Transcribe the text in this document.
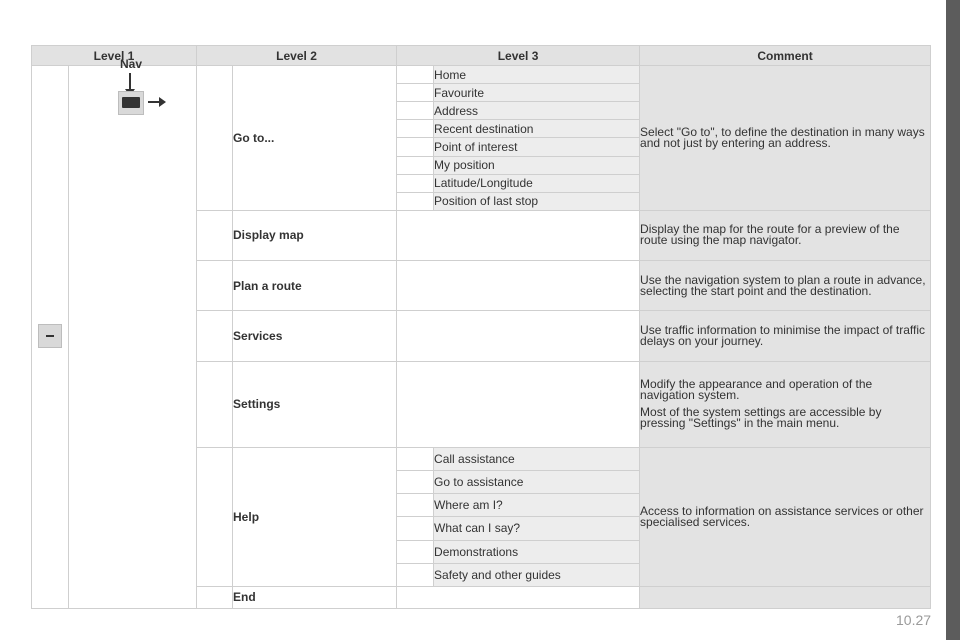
Level 1		Level 2		Level 3		Comment

	Nav		Go to...		Home	Select "Go to", to define the destination in many ways and not just by entering an address.

					Favourite	
					Address	
					Recent destination	
					Point of interest	
					My position	
					Latitude/Longitude	
					Position of last stop	
			Display map			Display the map for the route for a preview of the route using the map navigator.

			Plan a route			Use the navigation system to plan a route in advance, selecting the start point and the destination.

			Services			Use traffic information to minimise the impact of traffic delays on your journey.

			Settings			Modify the appearance and operation of the navigation system.

Most of the system settings are accessible by pressing "Settings" in the main menu.

			Help		Call assistance	Access to information on assistance services or other specialised services.

					Go to assistance	
					Where am I?	
					What can I say?	
					Demonstrations	
					Safety and other guides	
			End			
10.27
